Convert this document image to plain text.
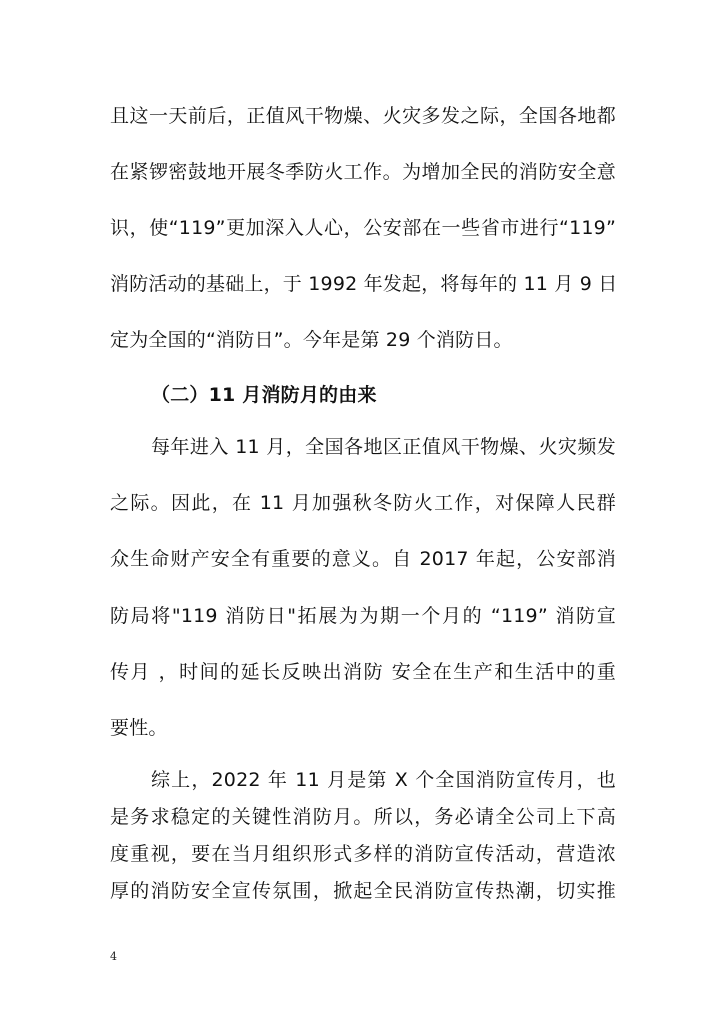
且这一天前后，正值风干物燥、火灾多发之际，全国各地都
在紧锣密鼓地开展冬季防火工作。为增加全民的消防安全意
识，使“119”更加深入人心，公安部在一些省市进行“119”
消防活动的基础上，于 1992 年发起，将每年的 11 月 9 日
定为全国的“消防日”。今年是第 29 个消防日。
（二）11 月消防月的由来
每年进入 11 月，全国各地区正值风干物燥、火灾频发
之际。因此，在 11 月加强秋冬防火工作，对保障人民群
众生命财产安全有重要的意义。自 2017 年起，公安部消
防局将"119 消防日"拓展为为期一个月的 “119” 消防宣
传月 ，时间的延长反映出消防 安全在生产和生活中的重
要性。
综上，2022 年 11 月是第 X 个全国消防宣传月，也
是务求稳定的关键性消防月。所以，务必请全公司上下高
度重视，要在当月组织形式多样的消防宣传活动，营造浓
厚的消防安全宣传氛围，掀起全民消防宣传热潮，切实推
4
